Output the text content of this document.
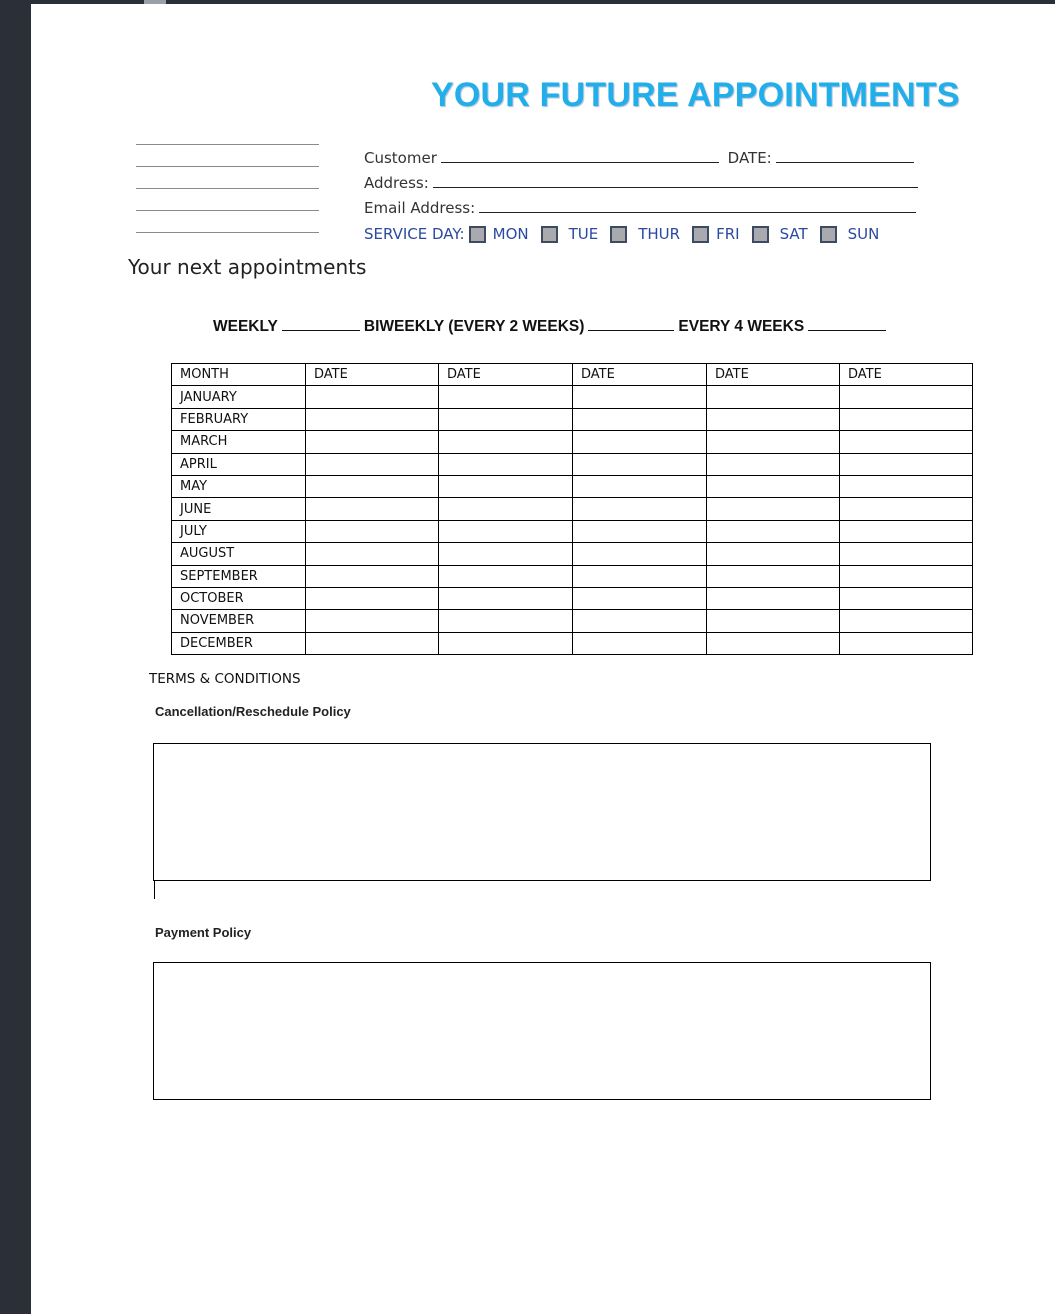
YOUR FUTURE APPOINTMENTS
Customer	DATE:
Address:
Email Address:
SERVICE DAY: MON	TUE	THUR FRI	SAT	SUN
Your next appointments
WEEKLY	BIWEEKLY (EVERY 2 WEEKS)	EVERY 4 WEEKS
MONTH	DATE	DATE	DATE	DATE	DATE
JANUARY					
FEBRUARY					
MARCH					
APRIL					
MAY					
JUNE					
JULY					
AUGUST					
SEPTEMBER					
OCTOBER					
NOVEMBER					
DECEMBER					
TERMS & CONDITIONS
Cancellation/Reschedule Policy
Payment Policy
